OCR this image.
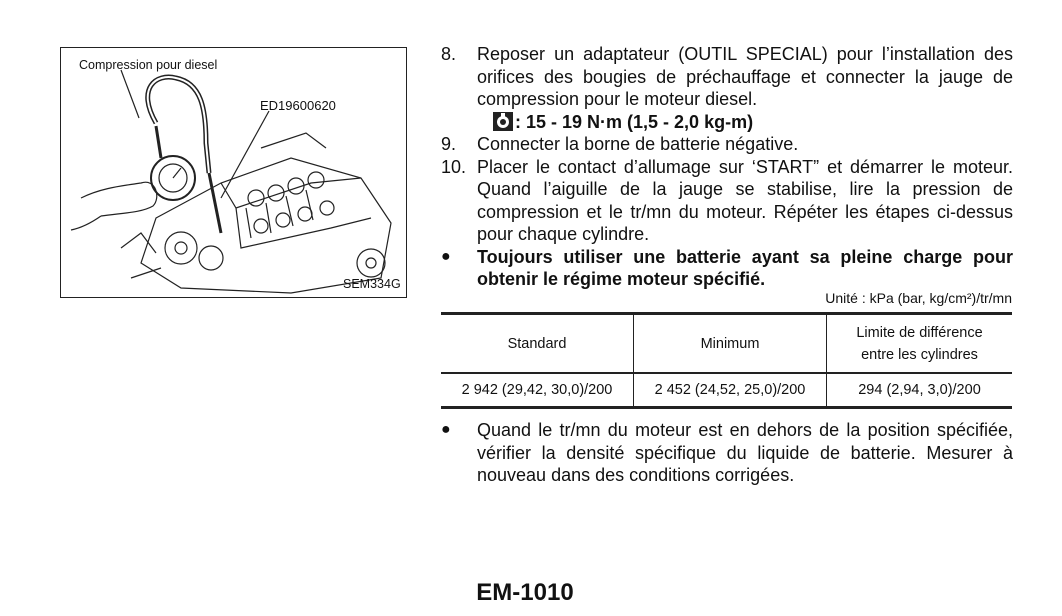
Compression pour diesel
ED19600620
SEM334G
8.	Reposer un adaptateur (OUTIL SPECIAL) pour l’installation des orifices des bougies de préchauffage et connecter la jauge de compression pour le moteur diesel.
: 15 - 19 N·m (1,5 - 2,0 kg-m)
9.	Connecter la borne de batterie négative.
10. Placer le contact d’allumage sur ‘START” et démarrer le moteur. Quand l’aiguille de la jauge se stabilise, lire la pression de compression et le tr/mn du moteur. Répéter les étapes ci-dessus pour chaque cylindre.
●	Toujours utiliser une batterie ayant sa pleine charge pour obtenir le régime moteur spécifié.
Unité : kPa (bar, kg/cm²)/tr/mn
Standard	Minimum	Limite de différence entre les cylindres

2 942 (29,42, 30,0)/200	2 452 (24,52, 25,0)/200	294 (2,94, 3,0)/200
●	Quand le tr/mn du moteur est en dehors de la position spécifiée, vérifier la densité spécifique du liquide de batterie. Mesurer à nouveau dans des conditions corrigées.
EM-1010
